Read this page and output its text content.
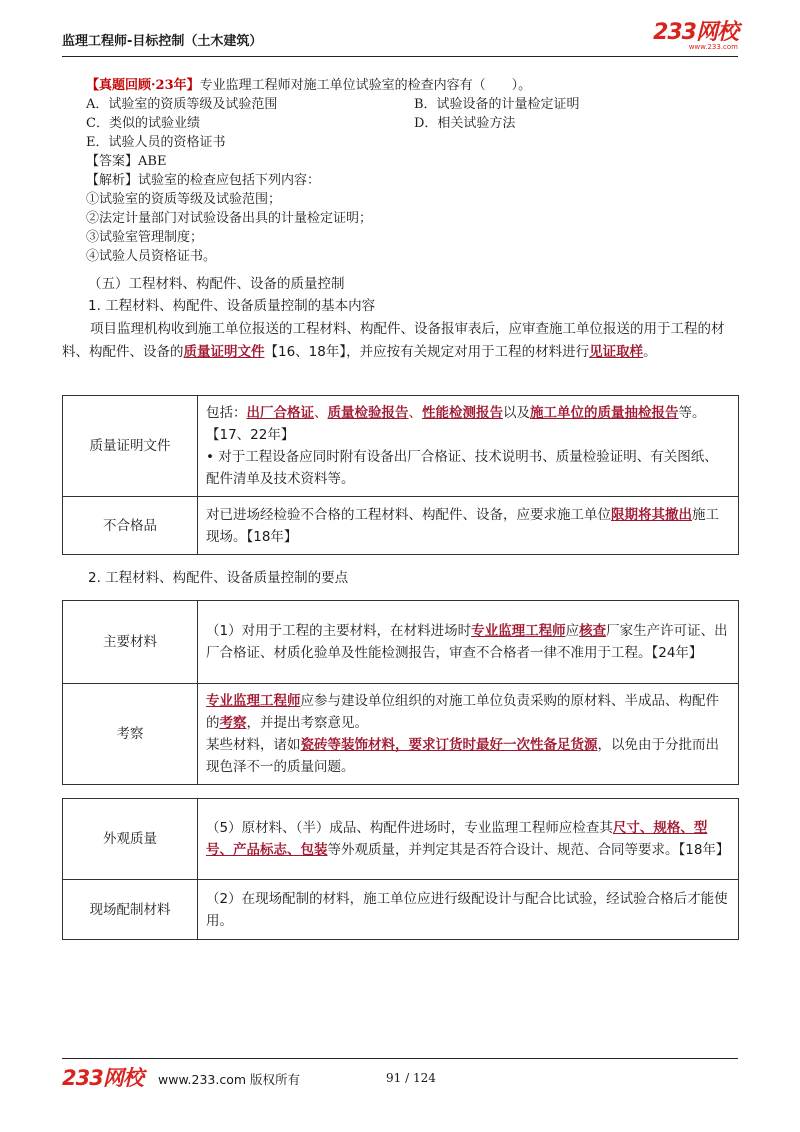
监理工程师-目标控制（土木建筑）	233网校
www.233.com
【真题回顾·23年】专业监理工程师对施工单位试验室的检查内容有（　　）。
A．试验室的资质等级及试验范围	B．试验设备的计量检定证明
C．类似的试验业绩	D．相关试验方法
E．试验人员的资格证书
【答案】ABE
【解析】试验室的检查应包括下列内容：
①试验室的资质等级及试验范围；
②法定计量部门对试验设备出具的计量检定证明；
③试验室管理制度；
④试验人员资格证书。
（五）工程材料、构配件、设备的质量控制
1. 工程材料、构配件、设备质量控制的基本内容
项目监理机构收到施工单位报送的工程材料、构配件、设备报审表后，应审查施工单位报送的用于工程的材料、构配件、设备的质量证明文件【16、18年】，并应按有关规定对用于工程的材料进行见证取样。
质量证明文件	包括：出厂合格证、质量检验报告、性能检测报告以及施工单位的质量抽检报告等。【17、22年】
• 对于工程设备应同时附有设备出厂合格证、技术说明书、质量检验证明、有关图纸、配件清单及技术资料等。
不合格品	对已进场经检验不合格的工程材料、构配件、设备，应要求施工单位限期将其撤出施工现场。【18年】
2. 工程材料、构配件、设备质量控制的要点
主要材料	（1）对用于工程的主要材料，在材料进场时专业监理工程师应核查厂家生产许可证、出厂合格证、材质化验单及性能检测报告，审查不合格者一律不准用于工程。【24年】
考察	专业监理工程师应参与建设单位组织的对施工单位负责采购的原材料、半成品、构配件的考察，并提出考察意见。
某些材料，诸如瓷砖等装饰材料，要求订货时最好一次性备足货源，以免由于分批而出现色泽不一的质量问题。
外观质量	（5）原材料、（半）成品、构配件进场时，专业监理工程师应检查其尺寸、规格、型号、产品标志、包装等外观质量，并判定其是否符合设计、规范、合同等要求。【18年】
现场配制材料	（2）在现场配制的材料，施工单位应进行级配设计与配合比试验，经试验合格后才能使用。
233网校 www.233.com 版权所有	91 / 124
